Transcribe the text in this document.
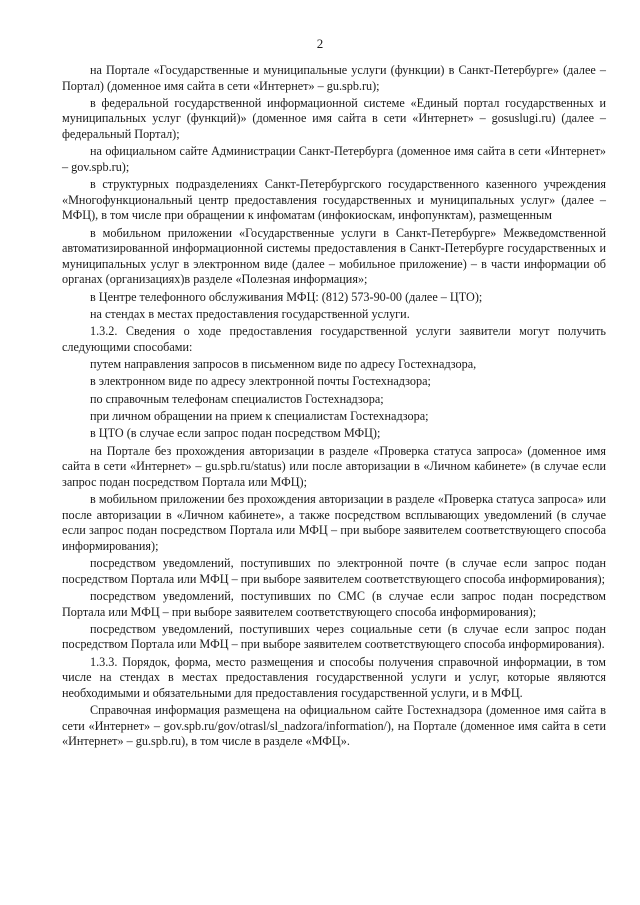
2

на Портале «Государственные и муниципальные услуги (функции) в Санкт-Петербурге» (далее – Портал) (доменное имя сайта в сети «Интернет» – gu.spb.ru);

в федеральной государственной информационной системе «Единый портал государственных и муниципальных услуг (функций)» (доменное имя сайта в сети «Интернет» – gosuslugi.ru) (далее – федеральный Портал);

на официальном сайте Администрации Санкт-Петербурга (доменное имя сайта в сети «Интернет» – gov.spb.ru);

в структурных подразделениях Санкт-Петербургского государственного казенного учреждения «Многофункциональный центр предоставления государственных и муниципальных услуг» (далее – МФЦ), в том числе при обращении к инфоматам (инфокиоскам, инфопунктам), размещенным

в мобильном приложении «Государственные услуги в Санкт-Петербурге» Межведомственной автоматизированной информационной системы предоставления в Санкт-Петербурге государственных и муниципальных услуг в электронном виде (далее – мобильное приложение) – в части информации об органах (организациях)в разделе «Полезная информация»;

в Центре телефонного обслуживания МФЦ: (812) 573-90-00 (далее – ЦТО);

на стендах в местах предоставления государственной услуги.

1.3.2. Сведения о ходе предоставления государственной услуги заявители могут получить следующими способами:

путем направления запросов в письменном виде по адресу Гостехнадзора,

в электронном виде по адресу электронной почты Гостехнадзора;

по справочным телефонам специалистов Гостехнадзора;

при личном обращении на прием к специалистам Гостехнадзора;

в ЦТО (в случае если запрос подан посредством МФЦ);

на Портале без прохождения авторизации в разделе «Проверка статуса запроса» (доменное имя сайта в сети «Интернет» – gu.spb.ru/status) или после авторизации в «Личном кабинете» (в случае если запрос подан посредством Портала или МФЦ);

в мобильном приложении без прохождения авторизации в разделе «Проверка статуса запроса» или после авторизации в «Личном кабинете», а также посредством всплывающих уведомлений (в случае если запрос подан посредством Портала или МФЦ – при выборе заявителем соответствующего способа информирования);

посредством уведомлений, поступивших по электронной почте (в случае если запрос подан посредством Портала или МФЦ – при выборе заявителем соответствующего способа информирования);

посредством уведомлений, поступивших по СМС (в случае если запрос подан посредством Портала или МФЦ – при выборе заявителем соответствующего способа информирования);

посредством уведомлений, поступивших через социальные сети (в случае если запрос подан посредством Портала или МФЦ – при выборе заявителем соответствующего способа информирования).

1.3.3. Порядок, форма, место размещения и способы получения справочной информации, в том числе на стендах в местах предоставления государственной услуги и услуг, которые являются необходимыми и обязательными для предоставления государственной услуги, и в МФЦ.

Справочная информация размещена на официальном сайте Гостехнадзора (доменное имя сайта в сети «Интернет» – gov.spb.ru/gov/otrasl/sl_nadzora/information/), на Портале (доменное имя сайта в сети «Интернет» – gu.spb.ru), в том числе в разделе «МФЦ».
